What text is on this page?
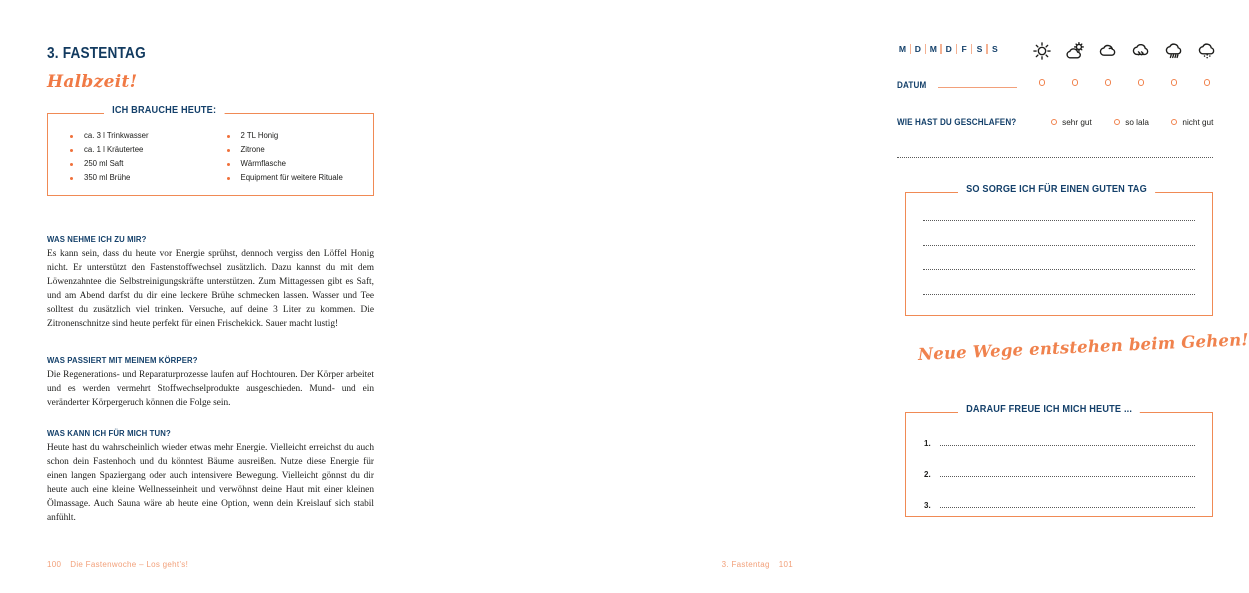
3. FASTENTAG
Halbzeit!
ICH BRAUCHE HEUTE:
ca. 3 l Trinkwasser
ca. 1 l Kräutertee
250 ml Saft
350 ml Brühe
2 TL Honig
Zitrone
Wärmflasche
Equipment für weitere Rituale
WAS NEHME ICH ZU MIR?
Es kann sein, dass du heute vor Energie sprühst, dennoch vergiss den Löffel Honig nicht. Er unterstützt den Fastenstoffwechsel zusätzlich. Dazu kannst du mit dem Löwenzahntee die Selbstreinigungskräfte unterstützen. Zum Mittagessen gibt es Saft, und am Abend darfst du dir eine leckere Brühe schmecken lassen. Wasser und Tee solltest du zusätzlich viel trinken. Versuche, auf deine 3 Liter zu kommen. Die Zitronenschnitze sind heute perfekt für einen Frischekick. Sauer macht lustig!
WAS PASSIERT MIT MEINEM KÖRPER?
Die Regenerations- und Reparaturprozesse laufen auf Hochtouren. Der Körper arbeitet und es werden vermehrt Stoffwechselprodukte ausgeschieden. Mund- und ein veränderter Körpergeruch können die Folge sein.
WAS KANN ICH FÜR MICH TUN?
Heute hast du wahrscheinlich wieder etwas mehr Energie. Vielleicht erreichst du auch schon dein Fastenhoch und du könntest Bäume ausreißen. Nutze diese Energie für einen langen Spaziergang oder auch intensivere Bewegung. Vielleicht gönnst du dir heute auch eine kleine Wellnesseinheit und verwöhnst deine Haut mit einer kleinen Ölmassage. Auch Sauna wäre ab heute eine Option, wenn dein Kreislauf sich stabil anfühlt.
100 Die Fastenwoche – Los geht's!
M D M D	F	S	S
DATUM
WIE HAST DU GESCHLAFEN?	sehr gut	so lala	nicht gut
SO SORGE ICH FÜR EINEN GUTEN TAG
Neue Wege entstehen beim Gehen!
DARAUF FREUE ICH MICH HEUTE ...
1.
2.
3.
3. Fastentag 101
